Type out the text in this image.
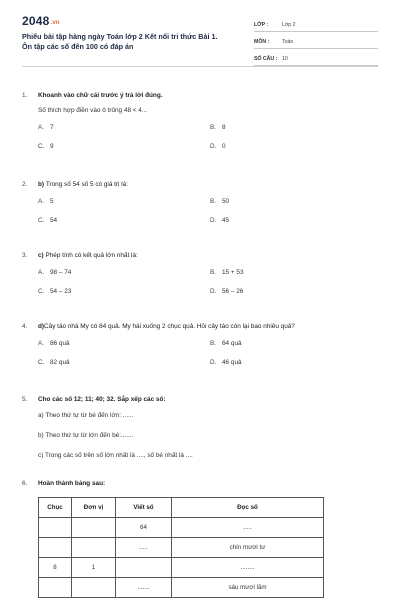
2048.vn
Phiếu bài tập hàng ngày Toán lớp 2 Kết nối tri thức Bài 1.
Ôn tập các số đến 100 có đáp án
LỚP :	Lớp 2
MÔN :	Toán
SỐ CÂU : 10
1.	Khoanh vào chữ cái trước ý trả lời đúng.
Số thích hợp điền vào ô trống 48 < 4...
A. 7	B. 8
C. 9	D. 0
2.	b) Trong số 54 số 5 có giá trị là:
A. 5	B. 50
C. 54	D. 45
3.	c) Phép tính có kết quả lớn nhất là:
A. 98 – 74	B. 15 + 53
C. 54 – 23	D. 56 – 26
4.	d)Cây táo nhà My có 84 quả. My hái xuống 2 chục quả. Hỏi cây táo còn lại bao nhiêu quả?
A. 86 quả	B. 64 quả
C. 82 quả	D. 46 quả
5.	Cho các số 12; 11; 40; 32. Sắp xếp các số:
a) Theo thứ tự từ bé đến lớn: ......
b) Theo thứ tự từ lớn đến bé:.......
c) Trong các số trên số lớn nhất là ...., số bé nhất là ....
6.	Hoàn thành bảng sau:
Chục	Đơn vị	Viết số	Đọc số
		64	.....
		.....	chín mươi tư
8	1		........
		.......	sáu mươi lăm
